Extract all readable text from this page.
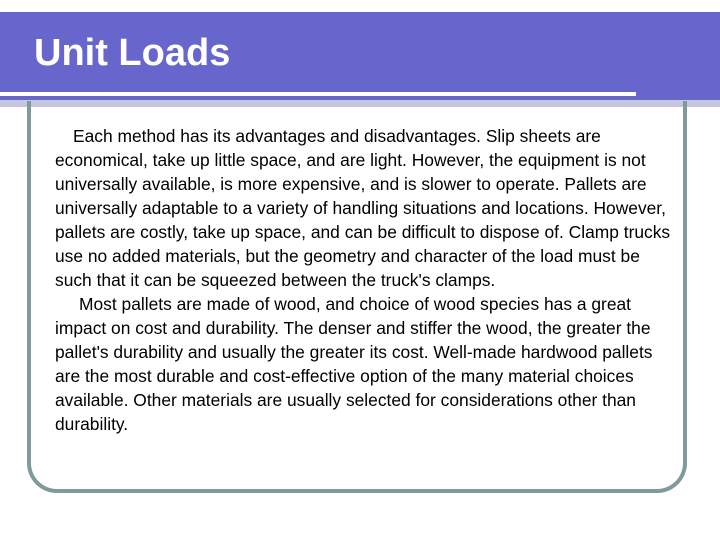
Unit Loads

Each method has its advantages and disadvantages. Slip sheets are economical, take up little space, and are light. However, the equipment is not universally available, is more expensive, and is slower to operate. Pallets are universally adaptable to a variety of handling situations and locations. However, pallets are costly, take up space, and can be difficult to dispose of. Clamp trucks use no added materials, but the geometry and character of the load must be such that it can be squeezed between the truck's clamps.

Most pallets are made of wood, and choice of wood species has a great impact on cost and durability. The denser and stiffer the wood, the greater the pallet's durability and usually the greater its cost. Well-made hardwood pallets are the most durable and cost-effective option of the many material choices available. Other materials are usually selected for considerations other than durability.
